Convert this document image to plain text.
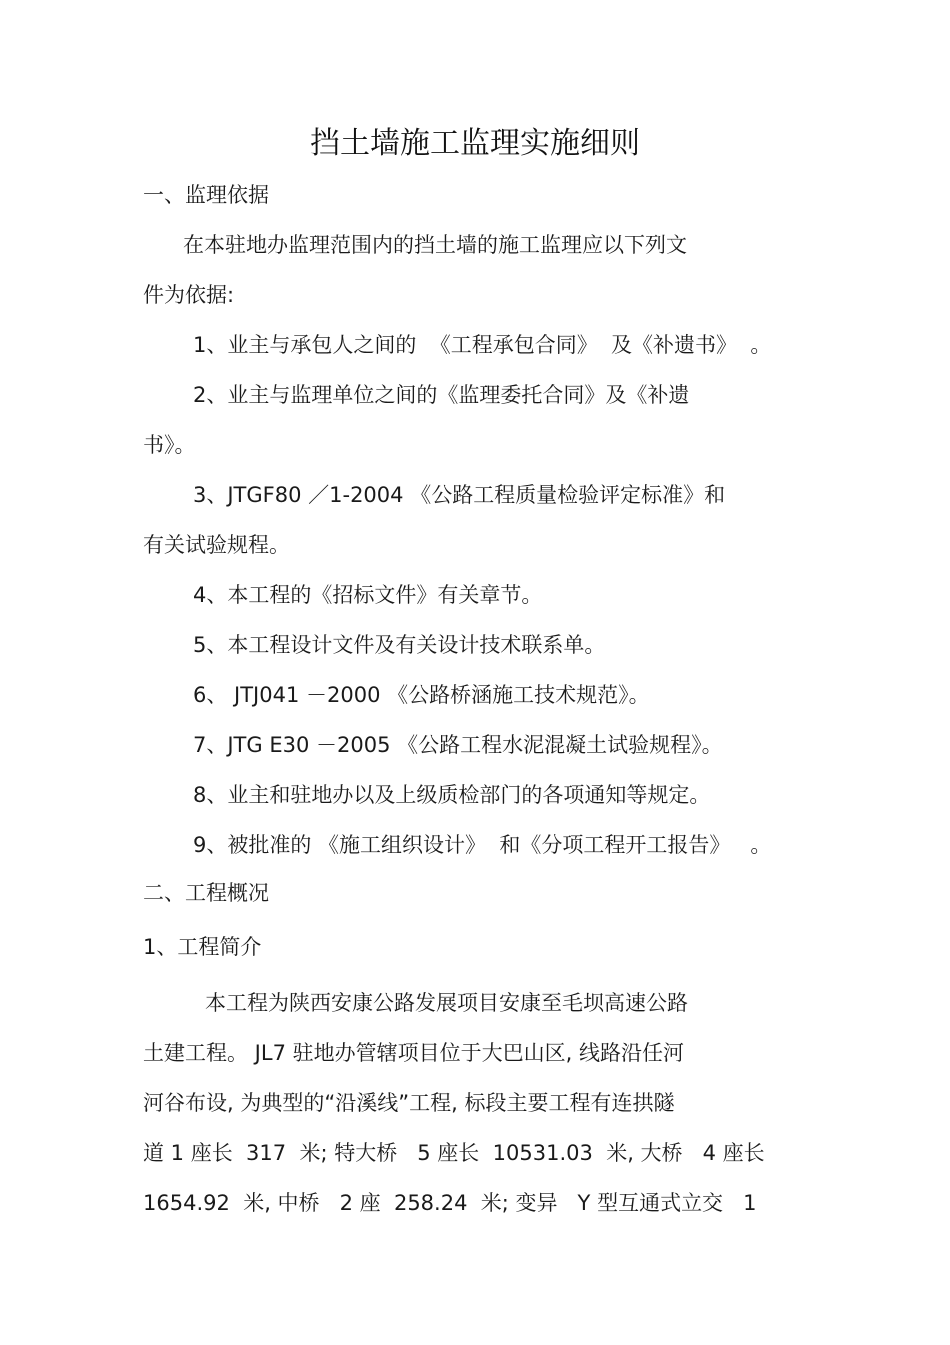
挡土墙施工监理实施细则
一、监理依据
在本驻地办监理范围内的挡土墙的施工监理应以下列文
件为依据:
1、业主与承包人之间的  《工程承包合同》  及《补遗书》  。
2、业主与监理单位之间的《监理委托合同》及《补遗
书》。
3、JTGF80 ／1-2004 《公路工程质量检验评定标准》和
有关试验规程。
4、本工程的《招标文件》有关章节。
5、本工程设计文件及有关设计技术联系单。
6、 JTJ041 －2000 《公路桥涵施工技术规范》。
7、JTG E30 －2005 《公路工程水泥混凝土试验规程》。
8、业主和驻地办以及上级质检部门的各项通知等规定。
9、被批准的 《施工组织设计》  和《分项工程开工报告》   。
二、工程概况
1、工程简介
本工程为陕西安康公路发展项目安康至毛坝高速公路
土建工程。 JL7 驻地办管辖项目位于大巴山区, 线路沿任河
河谷布设, 为典型的“沿溪线”工程, 标段主要工程有连拱隧
道 1 座长  317  米; 特大桥   5 座长  10531.03  米, 大桥   4 座长
1654.92  米, 中桥   2 座  258.24  米; 变异   Y 型互通式立交   1
